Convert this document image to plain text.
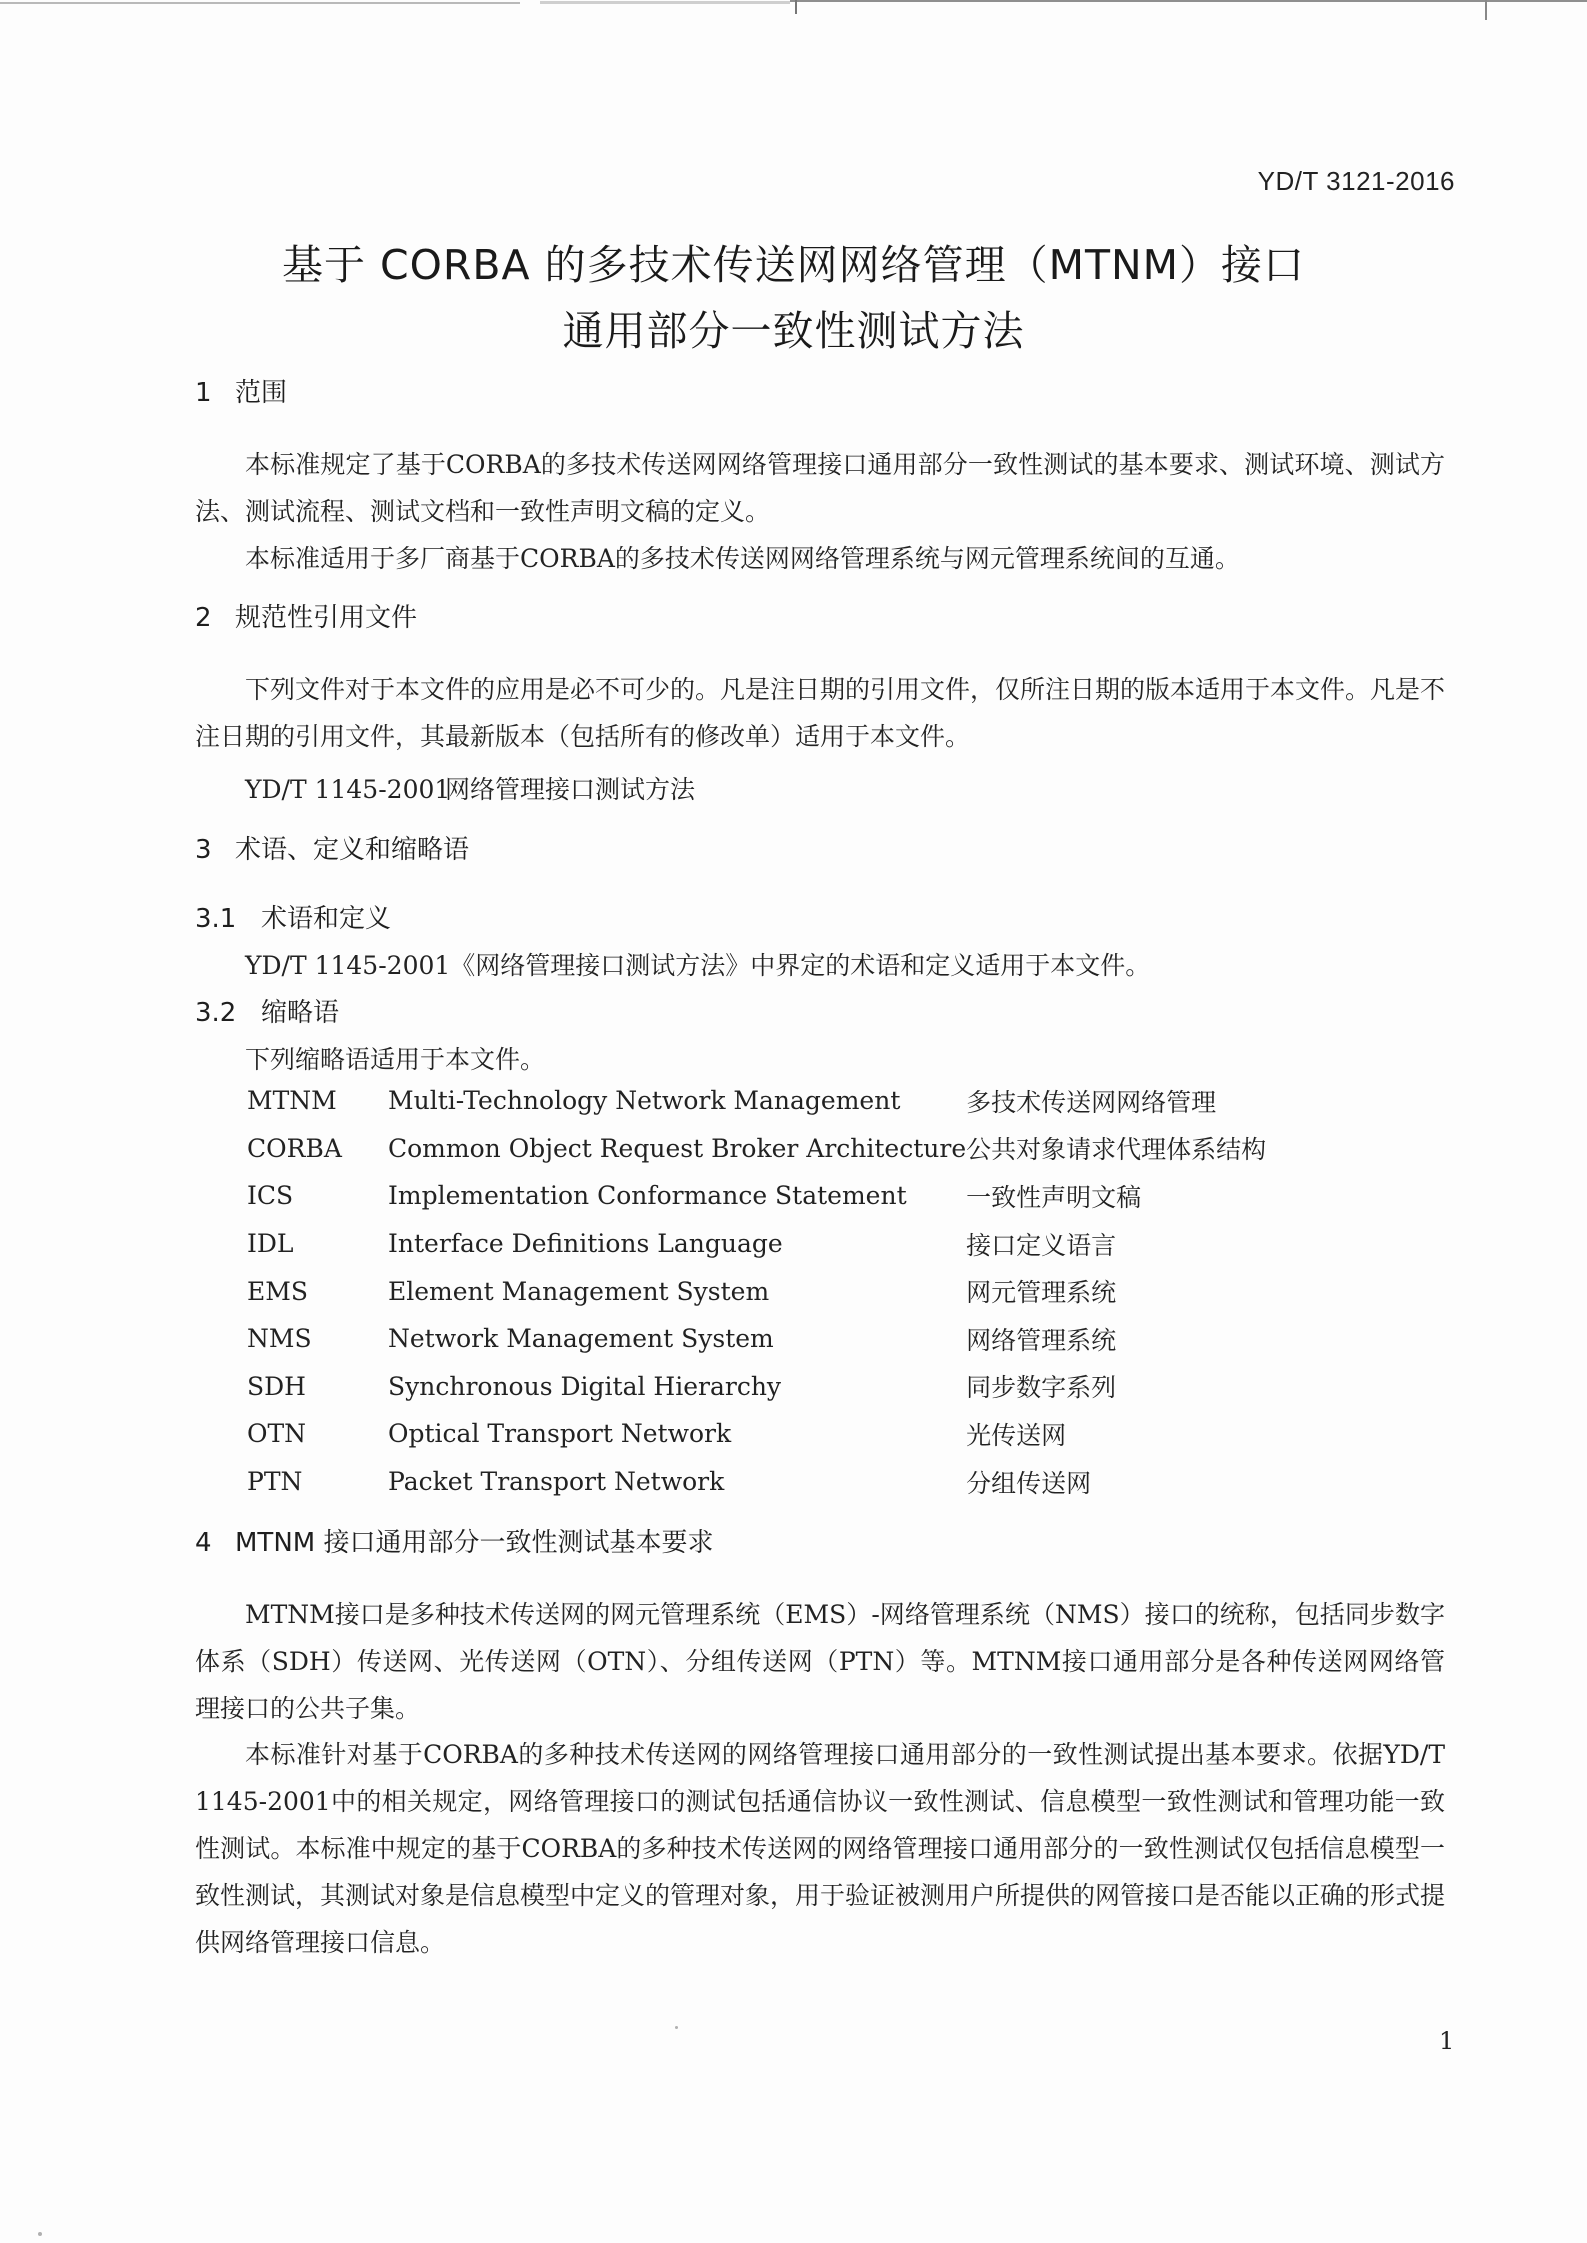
YD/T 3121-2016
基于 CORBA 的多技术传送网网络管理（MTNM）接口
通用部分一致性测试方法
1 范围
本标准规定了基于CORBA的多技术传送网网络管理接口通用部分一致性测试的基本要求、测试环境、测试方法、测试流程、测试文档和一致性声明文稿的定义。
本标准适用于多厂商基于CORBA的多技术传送网网络管理系统与网元管理系统间的互通。
2 规范性引用文件
下列文件对于本文件的应用是必不可少的。凡是注日期的引用文件，仅所注日期的版本适用于本文件。凡是不注日期的引用文件，其最新版本（包括所有的修改单）适用于本文件。
YD/T 1145-2001网络管理接口测试方法
3 术语、定义和缩略语
3.1 术语和定义
YD/T 1145-2001《网络管理接口测试方法》中界定的术语和定义适用于本文件。
3.2 缩略语
下列缩略语适用于本文件。
MTNM	Multi-Technology Network Management	多技术传送网网络管理
CORBA	Common Object Request Broker Architecture	公共对象请求代理体系结构
ICS	Implementation Conformance Statement	一致性声明文稿
IDL	Interface Definitions Language	接口定义语言
EMS	Element Management System	网元管理系统
NMS	Network Management System	网络管理系统
SDH	Synchronous Digital Hierarchy	同步数字系列
OTN	Optical Transport Network	光传送网
PTN	Packet Transport Network	分组传送网
4 MTNM 接口通用部分一致性测试基本要求
MTNM接口是多种技术传送网的网元管理系统（EMS）-网络管理系统（NMS）接口的统称，包括同步数字体系（SDH）传送网、光传送网（OTN）、分组传送网（PTN）等。MTNM接口通用部分是各种传送网网络管理接口的公共子集。
本标准针对基于CORBA的多种技术传送网的网络管理接口通用部分的一致性测试提出基本要求。依据YD/T 1145-2001中的相关规定，网络管理接口的测试包括通信协议一致性测试、信息模型一致性测试和管理功能一致性测试。本标准中规定的基于CORBA的多种技术传送网的网络管理接口通用部分的一致性测试仅包括信息模型一致性测试，其测试对象是信息模型中定义的管理对象，用于验证被测用户所提供的网管接口是否能以正确的形式提供网络管理接口信息。
1
